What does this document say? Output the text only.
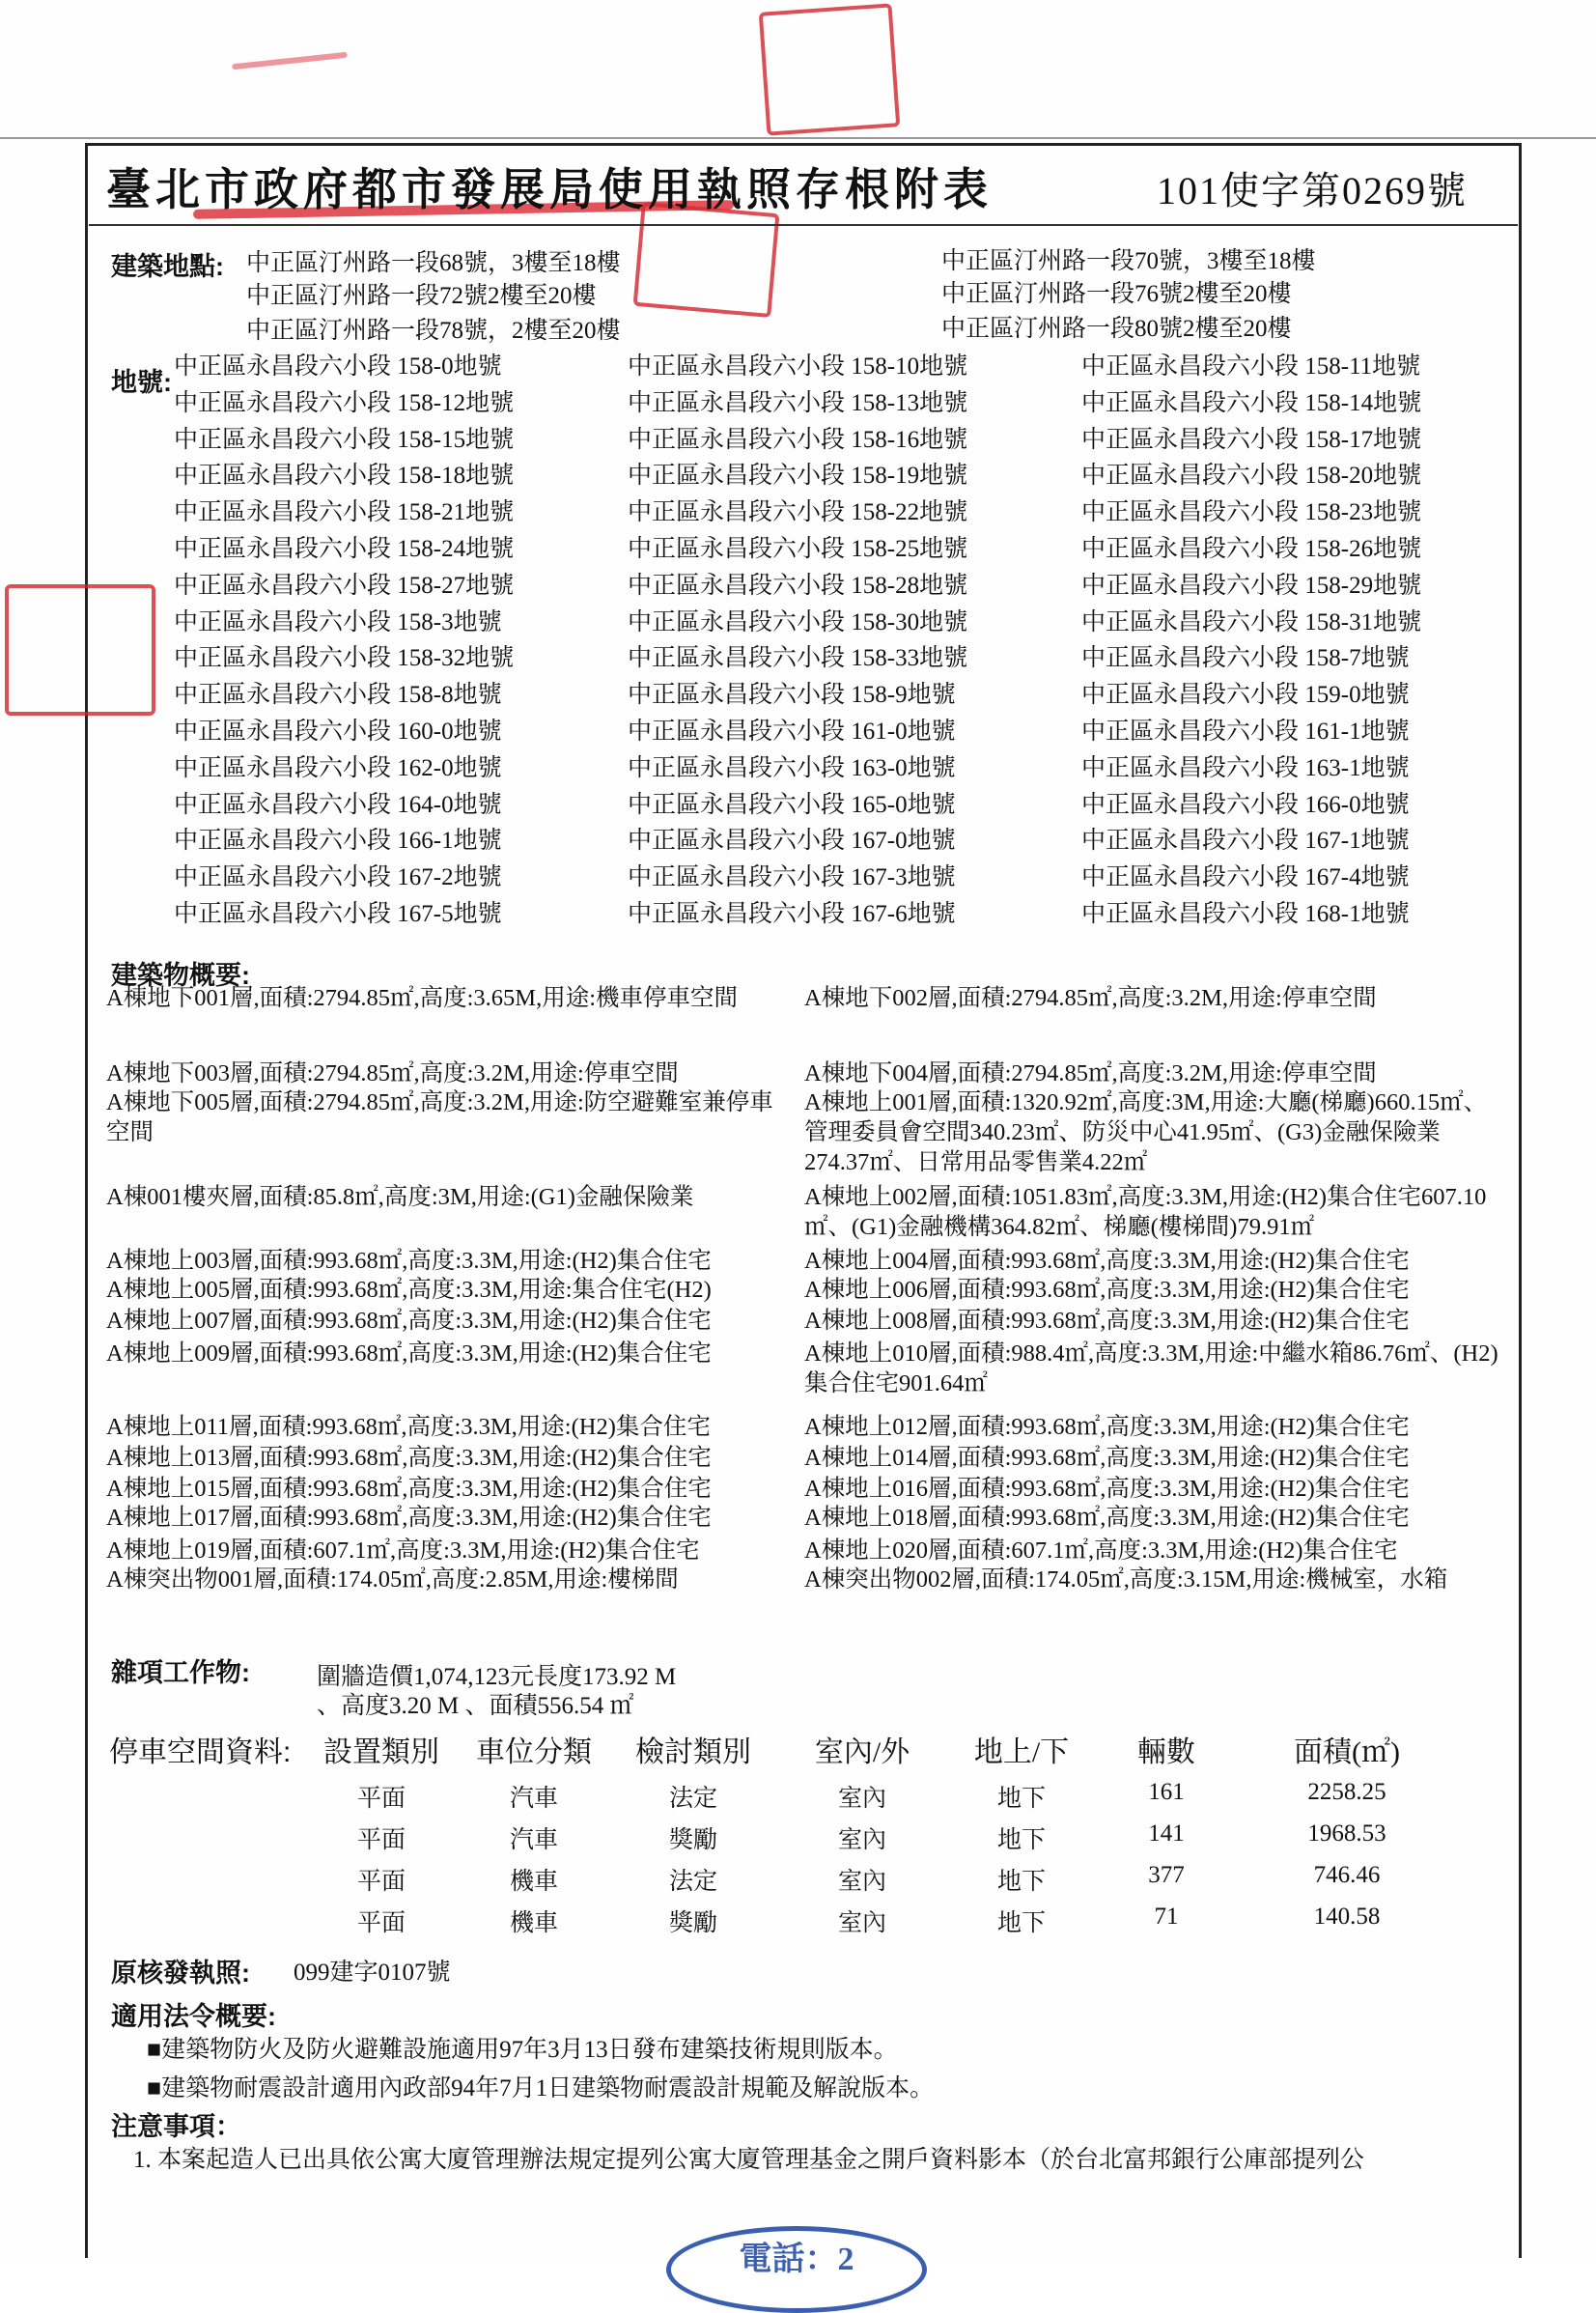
臺北市政府都市發展局使用執照存根附表	101使字第0269號
建築地點: 中正區汀州路一段68號，3樓至18樓	中正區汀州路一段70號，3樓至18樓
中正區汀州路一段72號2樓至20樓	中正區汀州路一段76號2樓至20樓
中正區汀州路一段78號，2樓至20樓	中正區汀州路一段80號2樓至20樓
地號:
中正區永昌段六小段 158-0地號	中正區永昌段六小段 158-10地號	中正區永昌段六小段 158-11地號
中正區永昌段六小段 158-12地號	中正區永昌段六小段 158-13地號	中正區永昌段六小段 158-14地號
中正區永昌段六小段 158-15地號	中正區永昌段六小段 158-16地號	中正區永昌段六小段 158-17地號
中正區永昌段六小段 158-18地號	中正區永昌段六小段 158-19地號	中正區永昌段六小段 158-20地號
中正區永昌段六小段 158-21地號	中正區永昌段六小段 158-22地號	中正區永昌段六小段 158-23地號
中正區永昌段六小段 158-24地號	中正區永昌段六小段 158-25地號	中正區永昌段六小段 158-26地號
中正區永昌段六小段 158-27地號	中正區永昌段六小段 158-28地號	中正區永昌段六小段 158-29地號
中正區永昌段六小段 158-3地號	中正區永昌段六小段 158-30地號	中正區永昌段六小段 158-31地號
中正區永昌段六小段 158-32地號	中正區永昌段六小段 158-33地號	中正區永昌段六小段 158-7地號
中正區永昌段六小段 158-8地號	中正區永昌段六小段 158-9地號	中正區永昌段六小段 159-0地號
中正區永昌段六小段 160-0地號	中正區永昌段六小段 161-0地號	中正區永昌段六小段 161-1地號
中正區永昌段六小段 162-0地號	中正區永昌段六小段 163-0地號	中正區永昌段六小段 163-1地號
中正區永昌段六小段 164-0地號	中正區永昌段六小段 165-0地號	中正區永昌段六小段 166-0地號
中正區永昌段六小段 166-1地號	中正區永昌段六小段 167-0地號	中正區永昌段六小段 167-1地號
中正區永昌段六小段 167-2地號	中正區永昌段六小段 167-3地號	中正區永昌段六小段 167-4地號
中正區永昌段六小段 167-5地號	中正區永昌段六小段 167-6地號	中正區永昌段六小段 168-1地號
建築物概要:
A棟地下001層,面積:2794.85㎡,高度:3.65M,用途:機車停車空間
A棟地下003層,面積:2794.85㎡,高度:3.2M,用途:停車空間
A棟地下005層,面積:2794.85㎡,高度:3.2M,用途:防空避難室兼停車空間
A棟001樓夾層,面積:85.8㎡,高度:3M,用途:(G1)金融保險業
A棟地上003層,面積:993.68㎡,高度:3.3M,用途:(H2)集合住宅
A棟地上005層,面積:993.68㎡,高度:3.3M,用途:集合住宅(H2)
A棟地上007層,面積:993.68㎡,高度:3.3M,用途:(H2)集合住宅
A棟地上009層,面積:993.68㎡,高度:3.3M,用途:(H2)集合住宅
A棟地上011層,面積:993.68㎡,高度:3.3M,用途:(H2)集合住宅
A棟地上013層,面積:993.68㎡,高度:3.3M,用途:(H2)集合住宅
A棟地上015層,面積:993.68㎡,高度:3.3M,用途:(H2)集合住宅
A棟地上017層,面積:993.68㎡,高度:3.3M,用途:(H2)集合住宅
A棟地上019層,面積:607.1㎡,高度:3.3M,用途:(H2)集合住宅
A棟突出物001層,面積:174.05㎡,高度:2.85M,用途:樓梯間
A棟地下002層,面積:2794.85㎡,高度:3.2M,用途:停車空間
A棟地下004層,面積:2794.85㎡,高度:3.2M,用途:停車空間
A棟地上001層,面積:1320.92㎡,高度:3M,用途:大廳(梯廳)660.15㎡、管理委員會空間340.23㎡、防災中心41.95㎡、(G3)金融保險業274.37㎡、日常用品零售業4.22㎡
A棟地上002層,面積:1051.83㎡,高度:3.3M,用途:(H2)集合住宅607.10㎡、(G1)金融機構364.82㎡、梯廳(樓梯間)79.91㎡
A棟地上004層,面積:993.68㎡,高度:3.3M,用途:(H2)集合住宅
A棟地上006層,面積:993.68㎡,高度:3.3M,用途:(H2)集合住宅
A棟地上008層,面積:993.68㎡,高度:3.3M,用途:(H2)集合住宅
A棟地上010層,面積:988.4㎡,高度:3.3M,用途:中繼水箱86.76㎡、(H2)集合住宅901.64㎡
A棟地上012層,面積:993.68㎡,高度:3.3M,用途:(H2)集合住宅
A棟地上014層,面積:993.68㎡,高度:3.3M,用途:(H2)集合住宅
A棟地上016層,面積:993.68㎡,高度:3.3M,用途:(H2)集合住宅
A棟地上018層,面積:993.68㎡,高度:3.3M,用途:(H2)集合住宅
A棟地上020層,面積:607.1㎡,高度:3.3M,用途:(H2)集合住宅
A棟突出物002層,面積:174.05㎡,高度:3.15M,用途:機械室，水箱
雜項工作物:	圍牆造價1,074,123元長度173.92 M
、高度3.20 M 、面積556.54 ㎡
停車空間資料:	設置類別	車位分類	檢討類別	室內/外	地上/下	輛數	面積(㎡)
平面	汽車	法定	室內	地下	161	2258.25
平面	汽車	獎勵	室內	地下	141	1968.53
平面	機車	法定	室內	地下	377	746.46
平面	機車	獎勵	室內	地下	71	140.58
原核發執照: 099建字0107號
適用法令概要:
■建築物防火及防火避難設施適用97年3月13日發布建築技術規則版本。
■建築物耐震設計適用內政部94年7月1日建築物耐震設計規範及解說版本。
注意事項：
1. 本案起造人已出具依公寓大廈管理辦法規定提列公寓大廈管理基金之開戶資料影本（於台北富邦銀行公庫部提列公
電話：2
